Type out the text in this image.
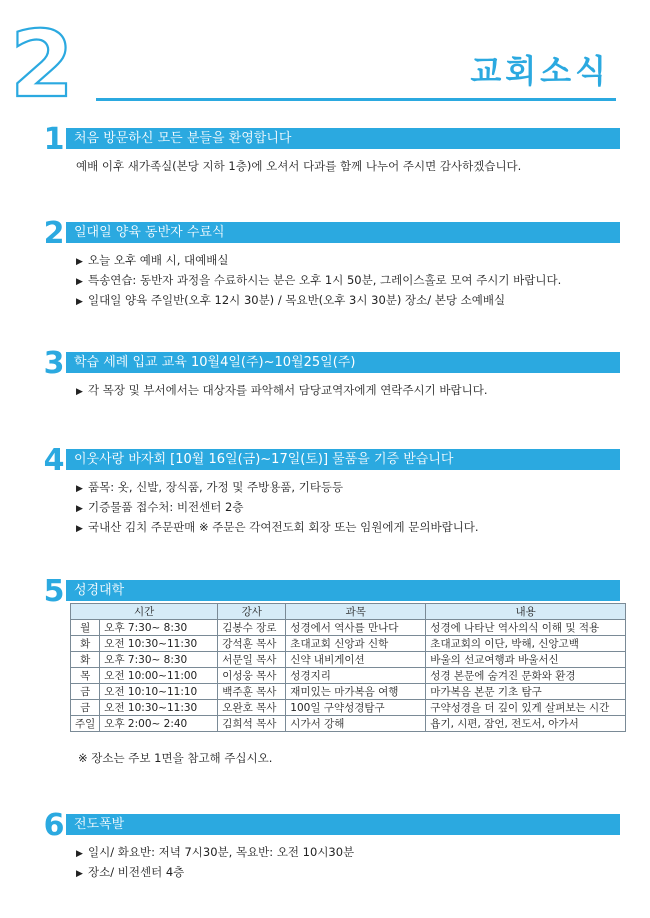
2	교회소식
1 처음 방문하신 모든 분들을 환영합니다
예배 이후 새가족실(본당 지하 1층)에 오셔서 다과를 함께 나누어 주시면 감사하겠습니다.
2 일대일 양육 동반자 수료식
▶ 오늘 오후 예배 시, 대예배실
▶ 특송연습: 동반자 과정을 수료하시는 분은 오후 1시 50분, 그레이스홀로 모여 주시기 바랍니다.
▶ 일대일 양육 주일반(오후 12시 30분) / 목요반(오후 3시 30분) 장소/ 본당 소예배실
3 학습 세례 입교 교육 10월4일(주)~10월25일(주)
▶ 각 목장 및 부서에서는 대상자를 파악해서 담당교역자에게 연락주시기 바랍니다.
4 이웃사랑 바자회 [10월 16일(금)~17일(토)] 물품을 기증 받습니다
▶ 품목: 옷, 신발, 장식품, 가정 및 주방용품, 기타등등
▶ 기증물품 접수처: 비전센터 2층
▶ 국내산 김치 주문판매 ※ 주문은 각여전도회 회장 또는 임원에게 문의바랍니다.
5 성경대학
시간		강사	과목	내용
월	오후 7:30~ 8:30	김봉수 장로	성경에서 역사를 만나다	성경에 나타난 역사의식 이해 및 적용
화	오전 10:30~11:30	강석훈 목사	초대교회 신앙과 신학	초대교회의 이단, 박해, 신앙고백
화	오후 7:30~ 8:30	서문일 목사	신약 내비게이션	바울의 선교여행과 바울서신
목	오전 10:00~11:00	이성웅 목사	성경지리	성경 본문에 숨겨진 문화와 환경
금	오전 10:10~11:10	백주훈 목사	재미있는 마가복음 여행	마가복음 본문 기초 탐구
금	오전 10:30~11:30	오완호 목사	100일 구약성경탐구	구약성경을 더 깊이 있게 살펴보는 시간
주일	오후 2:00~ 2:40	김희석 목사	시가서 강해	욥기, 시편, 잠언, 전도서, 아가서
※ 장소는 주보 1면을 참고해 주십시오.
6 전도폭발
▶ 일시/ 화요반: 저녁 7시30분, 목요반: 오전 10시30분
▶ 장소/ 비전센터 4층
